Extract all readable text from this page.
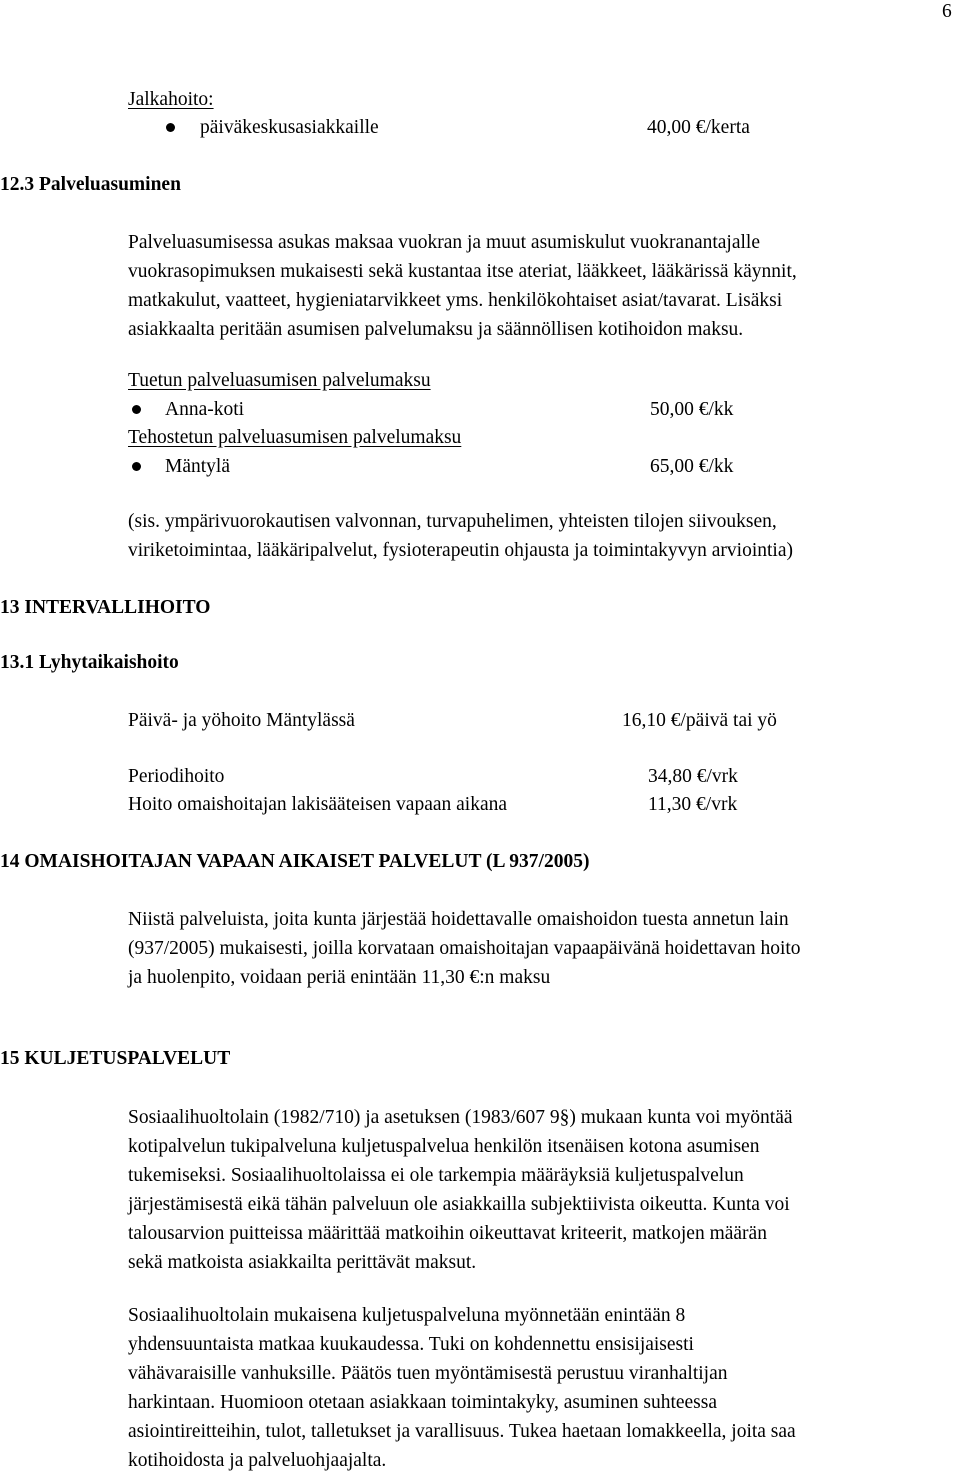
6
Jalkahoito:
päiväkeskusasiakkaille	40,00 €/kerta
12.3 Palveluasuminen
Palveluasumisessa asukas maksaa vuokran ja muut asumiskulut vuokranantajalle
vuokrasopimuksen mukaisesti sekä kustantaa itse ateriat, lääkkeet, lääkärissä käynnit,
matkakulut, vaatteet, hygieniatarvikkeet yms. henkilökohtaiset asiat/tavarat. Lisäksi
asiakkaalta peritään asumisen palvelumaksu ja säännöllisen kotihoidon maksu.
Tuetun palveluasumisen palvelumaksu
Anna-koti	50,00 €/kk
Tehostetun palveluasumisen palvelumaksu
Mäntylä	65,00 €/kk
(sis. ympärivuorokautisen valvonnan, turvapuhelimen, yhteisten tilojen siivouksen,
viriketoimintaa, lääkäripalvelut, fysioterapeutin ohjausta ja toimintakyvyn arviointia)
13 INTERVALLIHOITO
13.1 Lyhytaikaishoito
Päivä- ja yöhoito Mäntylässä	16,10 €/päivä tai yö
Periodihoito	34,80 €/vrk
Hoito omaishoitajan lakisääteisen vapaan aikana	11,30 €/vrk
14 OMAISHOITAJAN VAPAAN AIKAISET PALVELUT (L 937/2005)
Niistä palveluista, joita kunta järjestää hoidettavalle omaishoidon tuesta annetun lain
(937/2005) mukaisesti, joilla korvataan omaishoitajan vapaapäivänä hoidettavan hoito
ja huolenpito, voidaan periä enintään 11,30 €:n maksu
15 KULJETUSPALVELUT
Sosiaalihuoltolain (1982/710) ja asetuksen (1983/607 9§) mukaan kunta voi myöntää
kotipalvelun tukipalveluna kuljetuspalvelua henkilön itsenäisen kotona asumisen
tukemiseksi. Sosiaalihuoltolaissa ei ole tarkempia määräyksiä kuljetuspalvelun
järjestämisestä eikä tähän palveluun ole asiakkailla subjektiivista oikeutta. Kunta voi
talousarvion puitteissa määrittää matkoihin oikeuttavat kriteerit, matkojen määrän
sekä matkoista asiakkailta perittävät maksut.
Sosiaalihuoltolain mukaisena kuljetuspalveluna myönnetään enintään 8
yhdensuuntaista matkaa kuukaudessa. Tuki on kohdennettu ensisijaisesti
vähävaraisille vanhuksille. Päätös tuen myöntämisestä perustuu viranhaltijan
harkintaan. Huomioon otetaan asiakkaan toimintakyky, asuminen suhteessa
asiointireitteihin, tulot, talletukset ja varallisuus. Tukea haetaan lomakkeella, joita saa
kotihoidosta ja palveluohjaajalta.
